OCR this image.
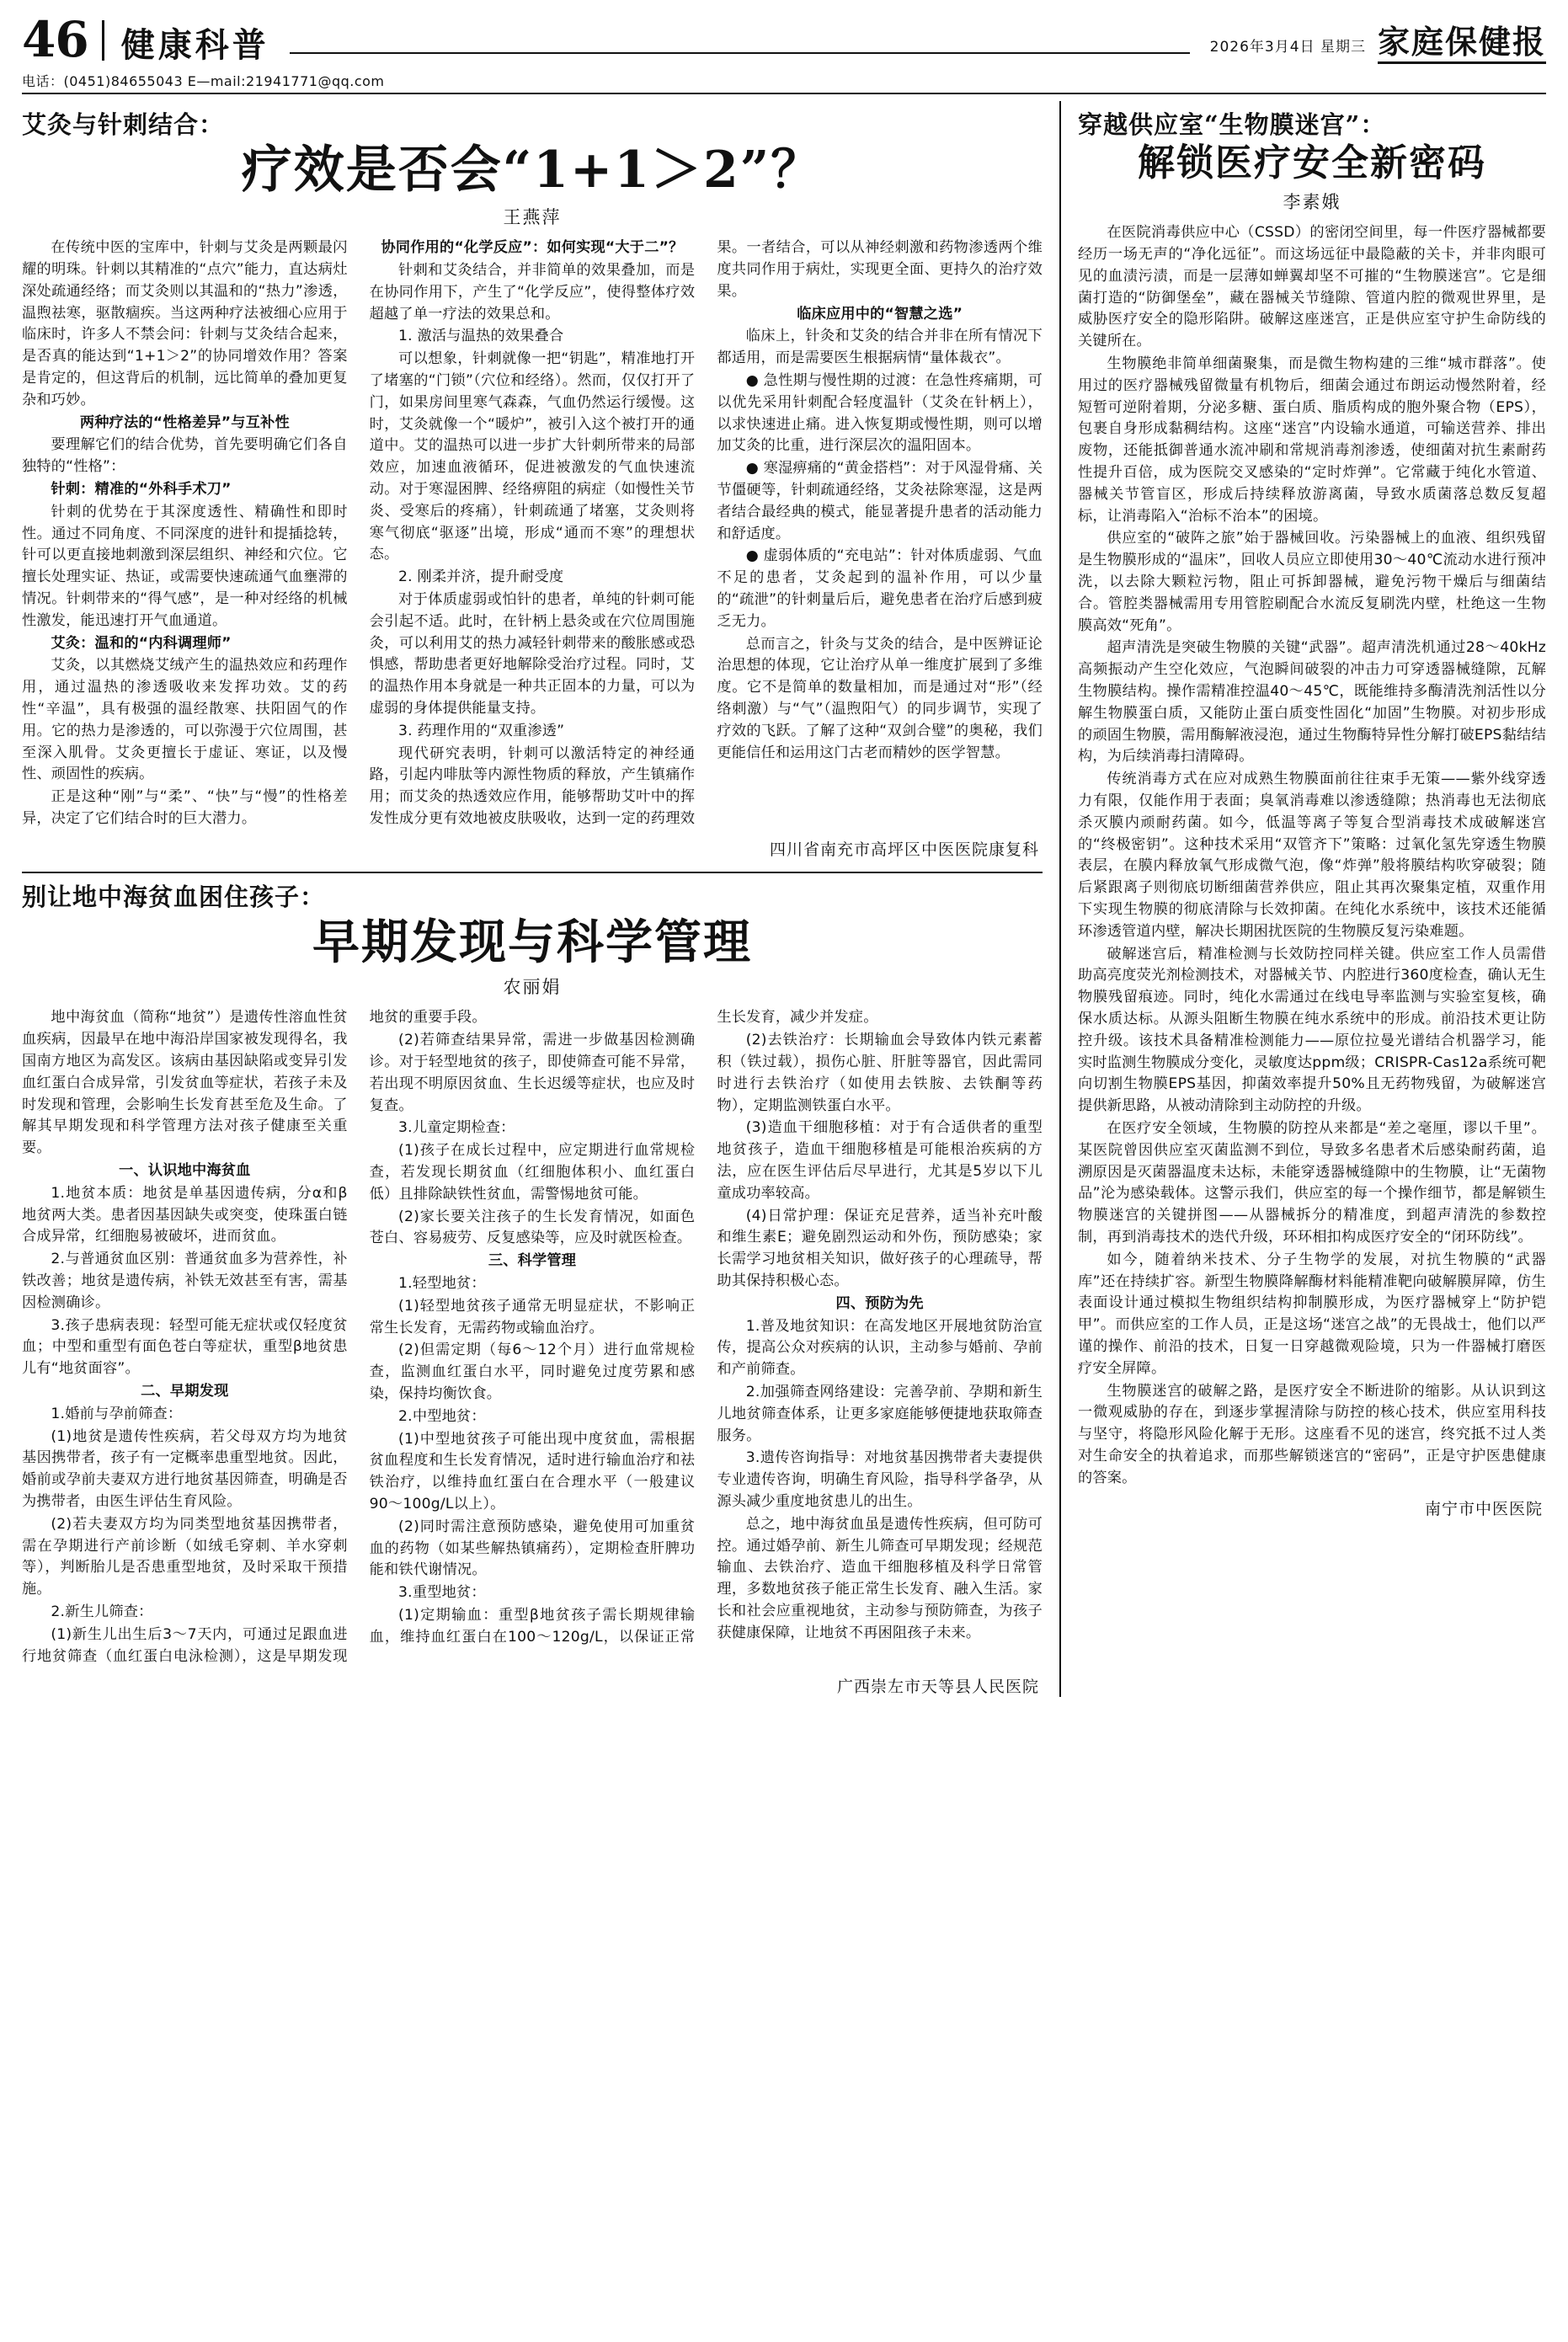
46 健康科普	2026年3月4日 星期三 家庭保健报
电话：(0451)84655043 E—mail:21941771@qq.com
艾灸与针刺结合：
疗效是否会“1+1＞2”？
王燕萍

在传统中医的宝库中，针刺与艾灸是两颗最闪耀的明珠。针刺以其精准的“点穴”能力，直达病灶深处疏通经络；而艾灸则以其温和的“热力”渗透，温煦祛寒，驱散痼疾。当这两种疗法被细心应用于临床时，许多人不禁会问：针刺与艾灸结合起来，是否真的能达到“1+1＞2”的协同增效作用？答案是肯定的，但这背后的机制，远比简单的叠加更复杂和巧妙。

两种疗法的“性格差异”与互补性

要理解它们的结合优势，首先要明确它们各自独特的“性格”：

针刺：精准的“外科手术刀”

针刺的优势在于其深度透性、精确性和即时性。通过不同角度、不同深度的进针和提插捻转，针可以更直接地刺激到深层组织、神经和穴位。它擅长处理实证、热证，或需要快速疏通气血壅滞的情况。针刺带来的“得气感”，是一种对经络的机械性激发，能迅速打开气血通道。

艾灸：温和的“内科调理师”

艾灸，以其燃烧艾绒产生的温热效应和药理作用，通过温热的渗透吸收来发挥功效。艾的药性“辛温”，具有极强的温经散寒、扶阳固气的作用。它的热力是渗透的，可以弥漫于穴位周围，甚至深入肌骨。艾灸更擅长于虚证、寒证，以及慢性、顽固性的疾病。

正是这种“刚”与“柔”、“快”与“慢”的性格差异，决定了它们结合时的巨大潜力。

协同作用的“化学反应”：如何实现“大于二”？

针刺和艾灸结合，并非简单的效果叠加，而是在协同作用下，产生了“化学反应”，使得整体疗效超越了单一疗法的效果总和。

1. 激活与温热的效果叠合

可以想象，针刺就像一把“钥匙”，精准地打开了堵塞的“门锁”（穴位和经络）。然而，仅仅打开了门，如果房间里寒气森森，气血仍然运行缓慢。这时，艾灸就像一个“暖炉”，被引入这个被打开的通道中。艾的温热可以进一步扩大针刺所带来的局部效应，加速血液循环，促进被激发的气血快速流动。对于寒湿困脾、经络痹阻的病症（如慢性关节炎、受寒后的疼痛），针刺疏通了堵塞，艾灸则将寒气彻底“驱逐”出境，形成“通而不寒”的理想状态。

2. 刚柔并济，提升耐受度

对于体质虚弱或怕针的患者，单纯的针刺可能会引起不适。此时，在针柄上悬灸或在穴位周围施灸，可以利用艾的热力减轻针刺带来的酸胀感或恐惧感，帮助患者更好地解除受治疗过程。同时，艾的温热作用本身就是一种共正固本的力量，可以为虚弱的身体提供能量支持。

3. 药理作用的“双重渗透”

现代研究表明，针刺可以激活特定的神经通路，引起内啡肽等内源性物质的释放，产生镇痛作用；而艾灸的热透效应作用，能够帮助艾叶中的挥发性成分更有效地被皮肤吸收，达到一定的药理效果。一者结合，可以从神经刺激和药物渗透两个维度共同作用于病灶，实现更全面、更持久的治疗效果。

临床应用中的“智慧之选”

临床上，针灸和艾灸的结合并非在所有情况下都适用，而是需要医生根据病情“量体裁衣”。

● 急性期与慢性期的过渡：在急性疼痛期，可以优先采用针刺配合轻度温针（艾灸在针柄上），以求快速进止痛。进入恢复期或慢性期，则可以增加艾灸的比重，进行深层次的温阳固本。

● 寒湿痹痛的“黄金搭档”：对于风湿骨痛、关节僵硬等，针刺疏通经络，艾灸祛除寒湿，这是两者结合最经典的模式，能显著提升患者的活动能力和舒适度。

● 虚弱体质的“充电站”：针对体质虚弱、气血不足的患者，艾灸起到的温补作用，可以少量的“疏泄”的针刺量后后，避免患者在治疗后感到疲乏无力。

总而言之，针灸与艾灸的结合，是中医辨证论治思想的体现，它让治疗从单一维度扩展到了多维度。它不是简单的数量相加，而是通过对“形”（经络刺激）与“气”（温煦阳气）的同步调节，实现了疗效的飞跃。了解了这种“双剑合璧”的奥秘，我们更能信任和运用这门古老而精妙的医学智慧。

四川省南充市高坪区中医医院康复科
别让地中海贫血困住孩子：
早期发现与科学管理
农丽娟

地中海贫血（简称“地贫”）是遗传性溶血性贫血疾病，因最早在地中海沿岸国家被发现得名，我国南方地区为高发区。该病由基因缺陷或变异引发血红蛋白合成异常，引发贫血等症状，若孩子未及时发现和管理，会影响生长发育甚至危及生命。了解其早期发现和科学管理方法对孩子健康至关重要。

一、认识地中海贫血

1.地贫本质：地贫是单基因遗传病，分α和β地贫两大类。患者因基因缺失或突变，使珠蛋白链合成异常，红细胞易被破坏，进而贫血。

2.与普通贫血区别：普通贫血多为营养性，补铁改善；地贫是遗传病，补铁无效甚至有害，需基因检测确诊。

3.孩子患病表现：轻型可能无症状或仅轻度贫血；中型和重型有面色苍白等症状，重型β地贫患儿有“地贫面容”。

二、早期发现

1.婚前与孕前筛查：

(1)地贫是遗传性疾病，若父母双方均为地贫基因携带者，孩子有一定概率患重型地贫。因此，婚前或孕前夫妻双方进行地贫基因筛查，明确是否为携带者，由医生评估生育风险。

(2)若夫妻双方均为同类型地贫基因携带者，需在孕期进行产前诊断（如绒毛穿刺、羊水穿刺等），判断胎儿是否患重型地贫，及时采取干预措施。

2.新生儿筛查：

(1)新生儿出生后3～7天内，可通过足跟血进行地贫筛查（血红蛋白电泳检测），这是早期发现地贫的重要手段。

(2)若筛查结果异常，需进一步做基因检测确诊。对于轻型地贫的孩子，即使筛查可能不异常，若出现不明原因贫血、生长迟缓等症状，也应及时复查。

3.儿童定期检查：

(1)孩子在成长过程中，应定期进行血常规检查，若发现长期贫血（红细胞体积小、血红蛋白低）且排除缺铁性贫血，需警惕地贫可能。

(2)家长要关注孩子的生长发育情况，如面色苍白、容易疲劳、反复感染等，应及时就医检查。

三、科学管理

1.轻型地贫：

(1)轻型地贫孩子通常无明显症状，不影响正常生长发育，无需药物或输血治疗。

(2)但需定期（每6～12个月）进行血常规检查，监测血红蛋白水平，同时避免过度劳累和感染，保持均衡饮食。

2.中型地贫：

(1)中型地贫孩子可能出现中度贫血，需根据贫血程度和生长发育情况，适时进行输血治疗和祛铁治疗，以维持血红蛋白在合理水平（一般建议90～100g/L以上）。

(2)同时需注意预防感染，避免使用可加重贫血的药物（如某些解热镇痛药），定期检查肝脾功能和铁代谢情况。

3.重型地贫：

(1)定期输血：重型β地贫孩子需长期规律输血，维持血红蛋白在100～120g/L，以保证正常生长发育，减少并发症。

(2)去铁治疗：长期输血会导致体内铁元素蓄积（铁过载），损伤心脏、肝脏等器官，因此需同时进行去铁治疗（如使用去铁胺、去铁酮等药物），定期监测铁蛋白水平。

(3)造血干细胞移植：对于有合适供者的重型地贫孩子，造血干细胞移植是可能根治疾病的方法，应在医生评估后尽早进行，尤其是5岁以下儿童成功率较高。

(4)日常护理：保证充足营养，适当补充叶酸和维生素E；避免剧烈运动和外伤，预防感染；家长需学习地贫相关知识，做好孩子的心理疏导，帮助其保持积极心态。

四、预防为先

1.普及地贫知识：在高发地区开展地贫防治宣传，提高公众对疾病的认识，主动参与婚前、孕前和产前筛查。

2.加强筛查网络建设：完善孕前、孕期和新生儿地贫筛查体系，让更多家庭能够便捷地获取筛查服务。

3.遗传咨询指导：对地贫基因携带者夫妻提供专业遗传咨询，明确生育风险，指导科学备孕，从源头减少重度地贫患儿的出生。

总之，地中海贫血虽是遗传性疾病，但可防可控。通过婚孕前、新生儿筛查可早期发现；经规范输血、去铁治疗、造血干细胞移植及科学日常管理，多数地贫孩子能正常生长发育、融入生活。家长和社会应重视地贫，主动参与预防筛查，为孩子获健康保障，让地贫不再困阻孩子未来。

广西崇左市天等县人民医院
穿越供应室“生物膜迷宫”：
解锁医疗安全新密码
李素娥

在医院消毒供应中心（CSSD）的密闭空间里，每一件医疗器械都要经历一场无声的“净化远征”。而这场远征中最隐蔽的关卡，并非肉眼可见的血渍污渍，而是一层薄如蝉翼却坚不可摧的“生物膜迷宫”。它是细菌打造的“防御堡垒”，藏在器械关节缝隙、管道内腔的微观世界里，是威胁医疗安全的隐形陷阱。破解这座迷宫，正是供应室守护生命防线的关键所在。

生物膜绝非简单细菌聚集，而是微生物构建的三维“城市群落”。使用过的医疗器械残留微量有机物后，细菌会通过布朗运动慢然附着，经短暂可逆附着期，分泌多糖、蛋白质、脂质构成的胞外聚合物（EPS），包裹自身形成黏稠结构。这座“迷宫”内设输水通道，可输送营养、排出废物，还能抵御普通水流冲刷和常规消毒剂渗透，使细菌对抗生素耐药性提升百倍，成为医院交叉感染的“定时炸弹”。它常藏于纯化水管道、器械关节管盲区，形成后持续释放游离菌，导致水质菌落总数反复超标，让消毒陷入“治标不治本”的困境。

供应室的“破阵之旅”始于器械回收。污染器械上的血液、组织残留是生物膜形成的“温床”，回收人员应立即使用30～40℃流动水进行预冲洗，以去除大颗粒污物，阻止可拆卸器械，避免污物干燥后与细菌结合。管腔类器械需用专用管腔刷配合水流反复刷洗内壁，杜绝这一生物膜高效“死角”。

超声清洗是突破生物膜的关键“武器”。超声清洗机通过28～40kHz高频振动产生空化效应，气泡瞬间破裂的冲击力可穿透器械缝隙，瓦解生物膜结构。操作需精准控温40～45℃，既能维持多酶清洗剂活性以分解生物膜蛋白质，又能防止蛋白质变性固化“加固”生物膜。对初步形成的顽固生物膜，需用酶解液浸泡，通过生物酶特异性分解打破EPS黏结结构，为后续消毒扫清障碍。

传统消毒方式在应对成熟生物膜面前往往束手无策——紫外线穿透力有限，仅能作用于表面；臭氧消毒难以渗透缝隙；热消毒也无法彻底杀灭膜内顽耐药菌。如今，低温等离子等复合型消毒技术成破解迷宫的“终极密钥”。这种技术采用“双管齐下”策略：过氧化氢先穿透生物膜表层，在膜内释放氧气形成微气泡，像“炸弹”般将膜结构吹穿破裂；随后紧跟离子则彻底切断细菌营养供应，阻止其再次聚集定植，双重作用下实现生物膜的彻底清除与长效抑菌。在纯化水系统中，该技术还能循环渗透管道内壁，解决长期困扰医院的生物膜反复污染难题。

破解迷宫后，精准检测与长效防控同样关键。供应室工作人员需借助高亮度荧光剂检测技术，对器械关节、内腔进行360度检查，确认无生物膜残留痕迹。同时，纯化水需通过在线电导率监测与实验室复核，确保水质达标。从源头阻断生物膜在纯水系统中的形成。前沿技术更让防控升级。该技术具备精准检测能力——原位拉曼光谱结合机器学习，能实时监测生物膜成分变化，灵敏度达ppm级；CRISPR-Cas12a系统可靶向切割生物膜EPS基因，抑菌效率提升50%且无药物残留，为破解迷宫提供新思路，从被动清除到主动防控的升级。

在医疗安全领域，生物膜的防控从来都是“差之毫厘，谬以千里”。某医院曾因供应室灭菌监测不到位，导致多名患者术后感染耐药菌，追溯原因是灭菌器温度未达标，未能穿透器械缝隙中的生物膜，让“无菌物品”沦为感染载体。这警示我们，供应室的每一个操作细节，都是解锁生物膜迷宫的关键拼图——从器械拆分的精准度，到超声清洗的参数控制，再到消毒技术的迭代升级，环环相扣构成医疗安全的“闭环防线”。

如今，随着纳米技术、分子生物学的发展，对抗生物膜的“武器库”还在持续扩容。新型生物膜降解酶材料能精准靶向破解膜屏障，仿生表面设计通过模拟生物组织结构抑制膜形成，为医疗器械穿上“防护铠甲”。而供应室的工作人员，正是这场“迷宫之战”的无畏战士，他们以严谨的操作、前沿的技术，日复一日穿越微观险境，只为一件器械打磨医疗安全屏障。

生物膜迷宫的破解之路，是医疗安全不断进阶的缩影。从认识到这一微观威胁的存在，到逐步掌握清除与防控的核心技术，供应室用科技与坚守，将隐形风险化解于无形。这座看不见的迷宫，终究抵不过人类对生命安全的执着追求，而那些解锁迷宫的“密码”，正是守护医患健康的答案。

南宁市中医医院
